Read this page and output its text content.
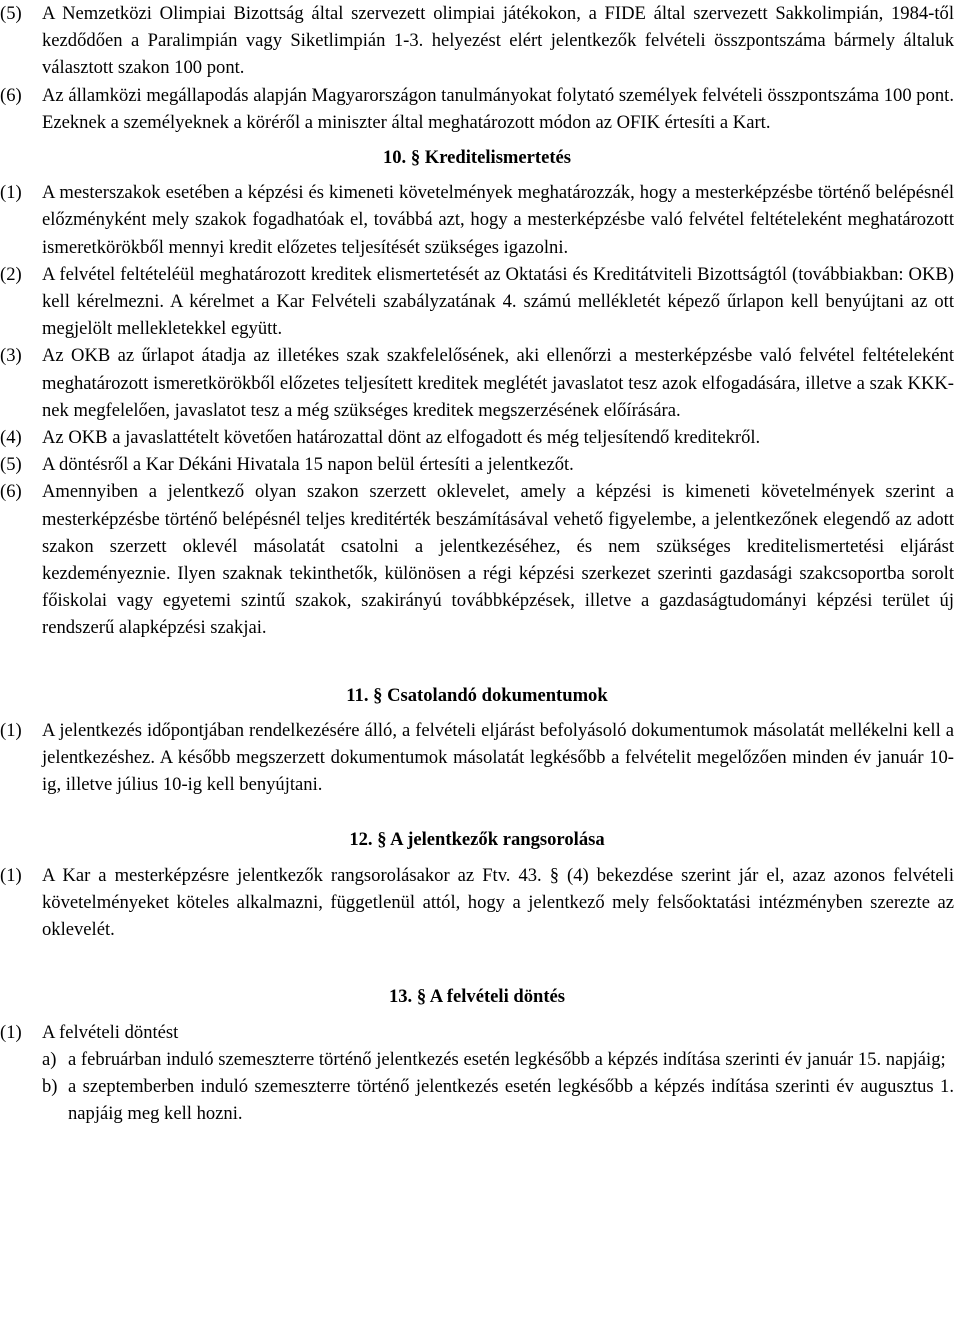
(5)	A Nemzetközi Olimpiai Bizottság által szervezett olimpiai játékokon, a FIDE által szervezett Sakkolimpián, 1984-től kezdődően a Paralimpián vagy Siketlimpián 1-3. helyezést elért jelentkezők felvételi összpontszáma bármely általuk választott szakon 100 pont.
(6)	Az államközi megállapodás alapján Magyarországon tanulmányokat folytató személyek felvételi összpontszáma 100 pont. Ezeknek a személyeknek a köréről a miniszter által meghatározott módon az OFIK értesíti a Kart.
10. § Kreditelismertetés
(1)	A mesterszakok esetében a képzési és kimeneti követelmények meghatározzák, hogy a mesterképzésbe történő belépésnél előzményként mely szakok fogadhatóak el, továbbá azt, hogy a mesterképzésbe való felvétel feltételeként meghatározott ismeretkörökből mennyi kredit előzetes teljesítését szükséges igazolni.
(2)	A felvétel feltételéül meghatározott kreditek elismertetését az Oktatási és Kreditátviteli Bizottságtól (továbbiakban: OKB) kell kérelmezni. A kérelmet a Kar Felvételi szabályzatának 4. számú mellékletét képező űrlapon kell benyújtani az ott megjelölt mellekletekkel együtt.
(3)	Az OKB az űrlapot átadja az illetékes szak szakfelelősének, aki ellenőrzi a mesterképzésbe való felvétel feltételeként meghatározott ismeretkörökből előzetes teljesített kreditek meglétét javaslatot tesz azok elfogadására, illetve a szak KKK-nek megfelelően, javaslatot tesz a még szükséges kreditek megszerzésének előírására.
(4)	Az OKB a javaslattételt követően határozattal dönt az elfogadott és még teljesítendő kreditekről.
(5)	A döntésről a Kar Dékáni Hivatala 15 napon belül értesíti a jelentkezőt.
(6)	Amennyiben a jelentkező olyan szakon szerzett oklevelet, amely a képzési is kimeneti követelmények szerint a mesterképzésbe történő belépésnél teljes kreditérték beszámításával vehető figyelembe, a jelentkezőnek elegendő az adott szakon szerzett oklevél másolatát csatolni a jelentkezéséhez, és nem szükséges kreditelismertetési eljárást kezdeményeznie. Ilyen szaknak tekinthetők, különösen a régi képzési szerkezet szerinti gazdasági szakcsoportba sorolt főiskolai vagy egyetemi szintű szakok, szakirányú továbbképzések, illetve a gazdaságtudományi képzési terület új rendszerű alapképzési szakjai.
11. § Csatolandó dokumentumok
(1)	A jelentkezés időpontjában rendelkezésére álló, a felvételi eljárást befolyásoló dokumentumok másolatát mellékelni kell a jelentkezéshez. A később megszerzett dokumentumok másolatát legkésőbb a felvételit megelőzően minden év január 10-ig, illetve július 10-ig kell benyújtani.
12. § A jelentkezők rangsorolása
(1)	A Kar a mesterképzésre jelentkezők rangsorolásakor az Ftv. 43. § (4) bekezdése szerint jár el, azaz azonos felvételi követelményeket köteles alkalmazni, függetlenül attól, hogy a jelentkező mely felsőoktatási intézményben szerezte az oklevelét.
13. § A felvételi döntés
(1)	A felvételi döntést
a) a februárban induló szemeszterre történő jelentkezés esetén legkésőbb a képzés indítása szerinti év január 15. napjáig;
b) a szeptemberben induló szemeszterre történő jelentkezés esetén legkésőbb a képzés indítása szerinti év augusztus 1. napjáig meg kell hozni.
